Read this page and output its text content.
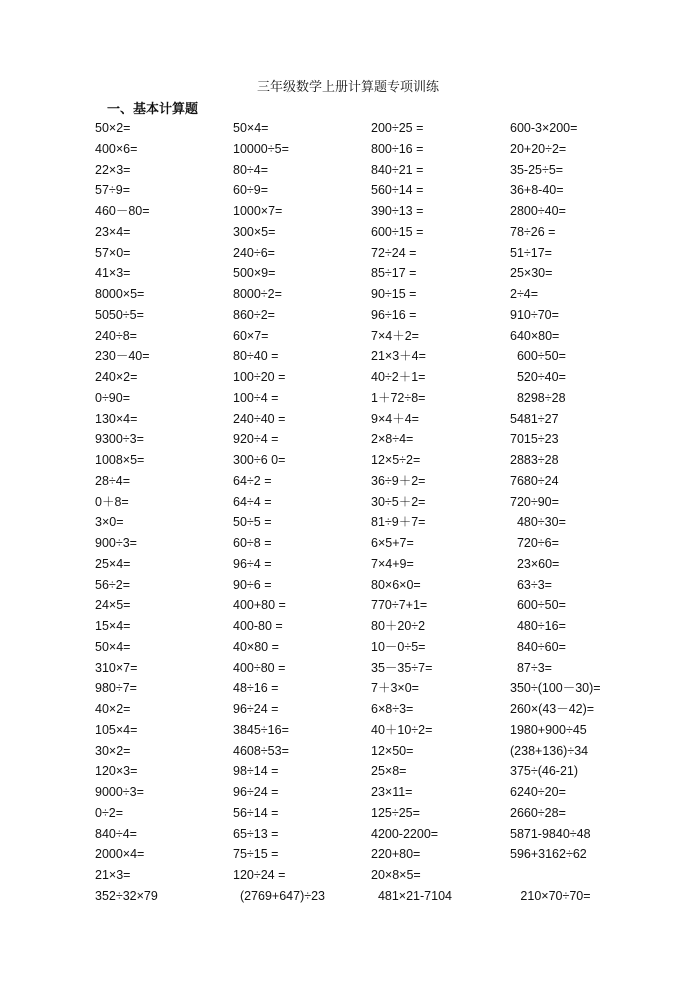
三年级数学上册计算题专项训练
一、基本计算题
50×2=	50×4=	200÷25 =	600-3×200=
400×6=	10000÷5=	800÷16 =	20+20÷2=
22×3=	80÷4=	840÷21 =	35-25÷5=
57÷9=	60÷9=	560÷14 =	36+8-40=
460－80=	1000×7=	390÷13 =	2800÷40=
23×4=	300×5=	600÷15 =	78÷26 =
57×0=	240÷6=	72÷24 =	51÷17=
41×3=	500×9=	85÷17 =	25×30=
8000×5=	8000÷2=	90÷15 =	2÷4=
5050÷5=	860÷2=	96÷16 =	910÷70=
240÷8=	60×7=	7×4＋2=	640×80=
230－40=	80÷40 =	21×3＋4=	600÷50=
240×2=	100÷20 =	40÷2＋1=	520÷40=
0÷90=	100÷4 =	1＋72÷8=	8298÷28
130×4=	240÷40 =	9×4＋4=	5481÷27
9300÷3=	920÷4 =	2×8÷4=	7015÷23
1008×5=	300÷6 0=	12×5÷2=	2883÷28
28÷4=	64÷2 =	36÷9＋2=	7680÷24
0＋8=	64÷4 =	30÷5＋2=	720÷90=
3×0=	50÷5 =	81÷9＋7=	480÷30=
900÷3=	60÷8 =	6×5+7=	720÷6=
25×4=	96÷4 =	7×4+9=	23×60=
56÷2=	90÷6 =	80×6×0=	63÷3=
24×5=	400+80 =	770÷7+1=	600÷50=
15×4=	400-80 =	80＋20÷2	480÷16=
50×4=	40×80 =	10－0÷5=	840÷60=
310×7=	400÷80 =	35－35÷7=	87÷3=
980÷7=	48÷16 =	7＋3×0=	350÷(100－30)=
40×2=	96÷24 =	6×8÷3=	260×(43－42)=
105×4=	3845÷16=	40＋10÷2=	1980+900÷45
30×2=	4608÷53=	12×50=	(238+136)÷34
120×3=	98÷14 =	25×8=	375÷(46-21)
9000÷3=	96÷24 =	23×11=	6240÷20=
0÷2=	56÷14 =	125÷25=	2660÷28=
840÷4=	65÷13 =	4200-2200=	5871-9840÷48
2000×4=	75÷15 =	220+80=	596+3162÷62
21×3=	120÷24 =	20×8×5=
352÷32×79	(2769+647)÷23	481×21-7104	210×70÷70=
